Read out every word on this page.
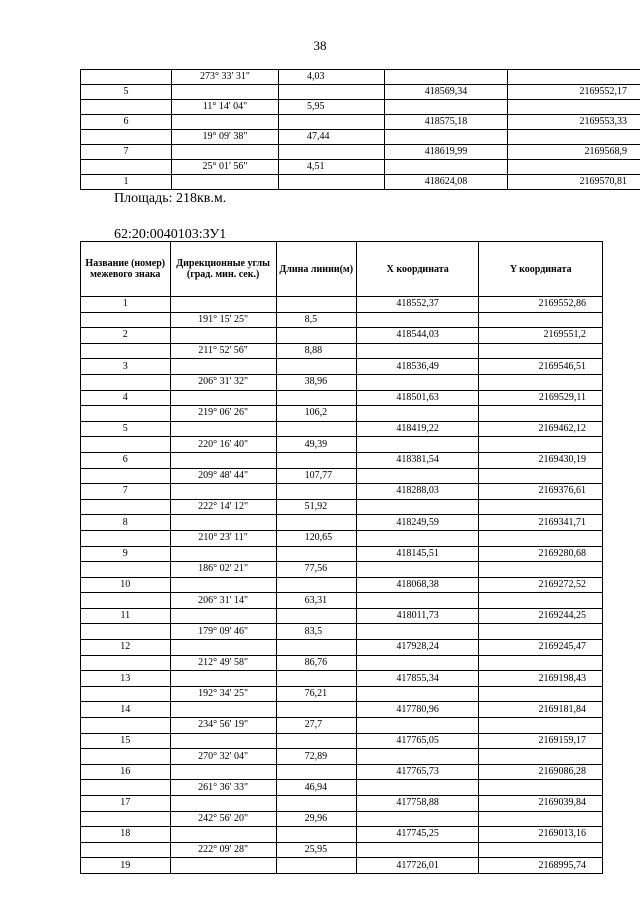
38
	273° 33' 31"	4,03		
5			418569,34	2169552,17
	11° 14' 04"	5,95		
6			418575,18	2169553,33
	19° 09' 38"	47,44		
7			418619,99	2169568,9
	25° 01' 56"	4,51		
1			418624,08	2169570,81
Площадь: 218кв.м.
62:20:0040103:ЗУ1
Название (номер) межевого знака	Дирекционные углы (град. мин. сек.)	Длина линии(м)	X координата	Y координата
1			418552,37	2169552,86
	191° 15' 25"	8,5		
2			418544,03	2169551,2
	211° 52' 56"	8,88		
3			418536,49	2169546,51
	206° 31' 32"	38,96		
4			418501,63	2169529,11
	219° 06' 26"	106,2		
5			418419,22	2169462,12
	220° 16' 40"	49,39		
6			418381,54	2169430,19
	209° 48' 44"	107,77		
7			418288,03	2169376,61
	222° 14' 12"	51,92		
8			418249,59	2169341,71
	210° 23' 11"	120,65		
9			418145,51	2169280,68
	186° 02' 21"	77,56		
10			418068,38	2169272,52
	206° 31' 14"	63,31		
11			418011,73	2169244,25
	179° 09' 46"	83,5		
12			417928,24	2169245,47
	212° 49' 58"	86,76		
13			417855,34	2169198,43
	192° 34' 25"	76,21		
14			417780,96	2169181,84
	234° 56' 19"	27,7		
15			417765,05	2169159,17
	270° 32' 04"	72,89		
16			417765,73	2169086,28
	261° 36' 33"	46,94		
17			417758,88	2169039,84
	242° 56' 20"	29,96		
18			417745,25	2169013,16
	222° 09' 28"	25,95		
19			417726,01	2168995,74
